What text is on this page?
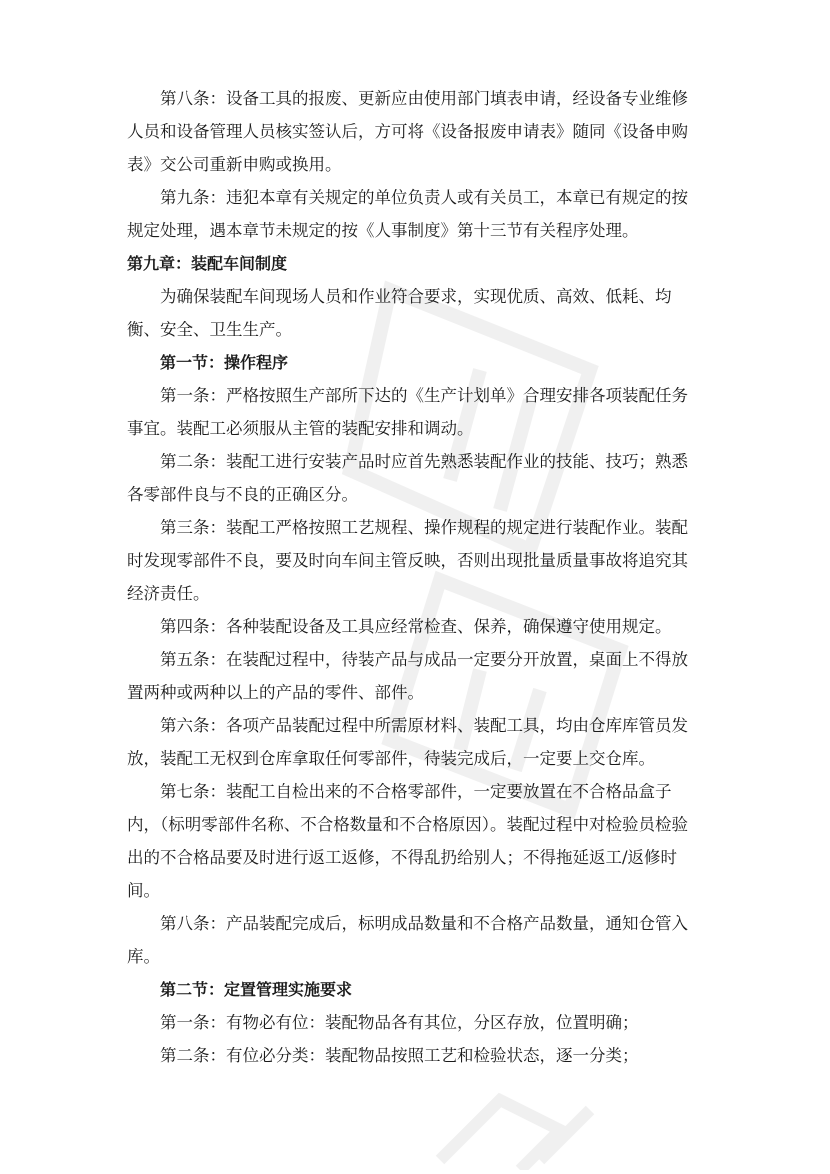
第八条：设备工具的报废、更新应由使用部门填表申请，经设备专业维修人员和设备管理人员核实签认后，方可将《设备报废申请表》随同《设备申购表》交公司重新申购或换用。

第九条：违犯本章有关规定的单位负责人或有关员工，本章已有规定的按规定处理，遇本章节未规定的按《人事制度》第十三节有关程序处理。

第九章：装配车间制度

为确保装配车间现场人员和作业符合要求，实现优质、高效、低耗、均衡、安全、卫生生产。

第一节：操作程序

第一条：严格按照生产部所下达的《生产计划单》合理安排各项装配任务事宜。装配工必须服从主管的装配安排和调动。

第二条：装配工进行安装产品时应首先熟悉装配作业的技能、技巧；熟悉各零部件良与不良的正确区分。

第三条：装配工严格按照工艺规程、操作规程的规定进行装配作业。装配时发现零部件不良，要及时向车间主管反映，否则出现批量质量事故将追究其经济责任。

第四条：各种装配设备及工具应经常检查、保养，确保遵守使用规定。

第五条：在装配过程中，待装产品与成品一定要分开放置，桌面上不得放置两种或两种以上的产品的零件、部件。

第六条：各项产品装配过程中所需原材料、装配工具，均由仓库库管员发放，装配工无权到仓库拿取任何零部件，待装完成后，一定要上交仓库。

第七条：装配工自检出来的不合格零部件，一定要放置在不合格品盒子内，（标明零部件名称、不合格数量和不合格原因）。装配过程中对检验员检验出的不合格品要及时进行返工返修，不得乱扔给别人；不得拖延返工/返修时间。

第八条：产品装配完成后，标明成品数量和不合格产品数量，通知仓管入库。

第二节：定置管理实施要求

第一条：有物必有位：装配物品各有其位，分区存放，位置明确；

第二条：有位必分类：装配物品按照工艺和检验状态，逐一分类；
